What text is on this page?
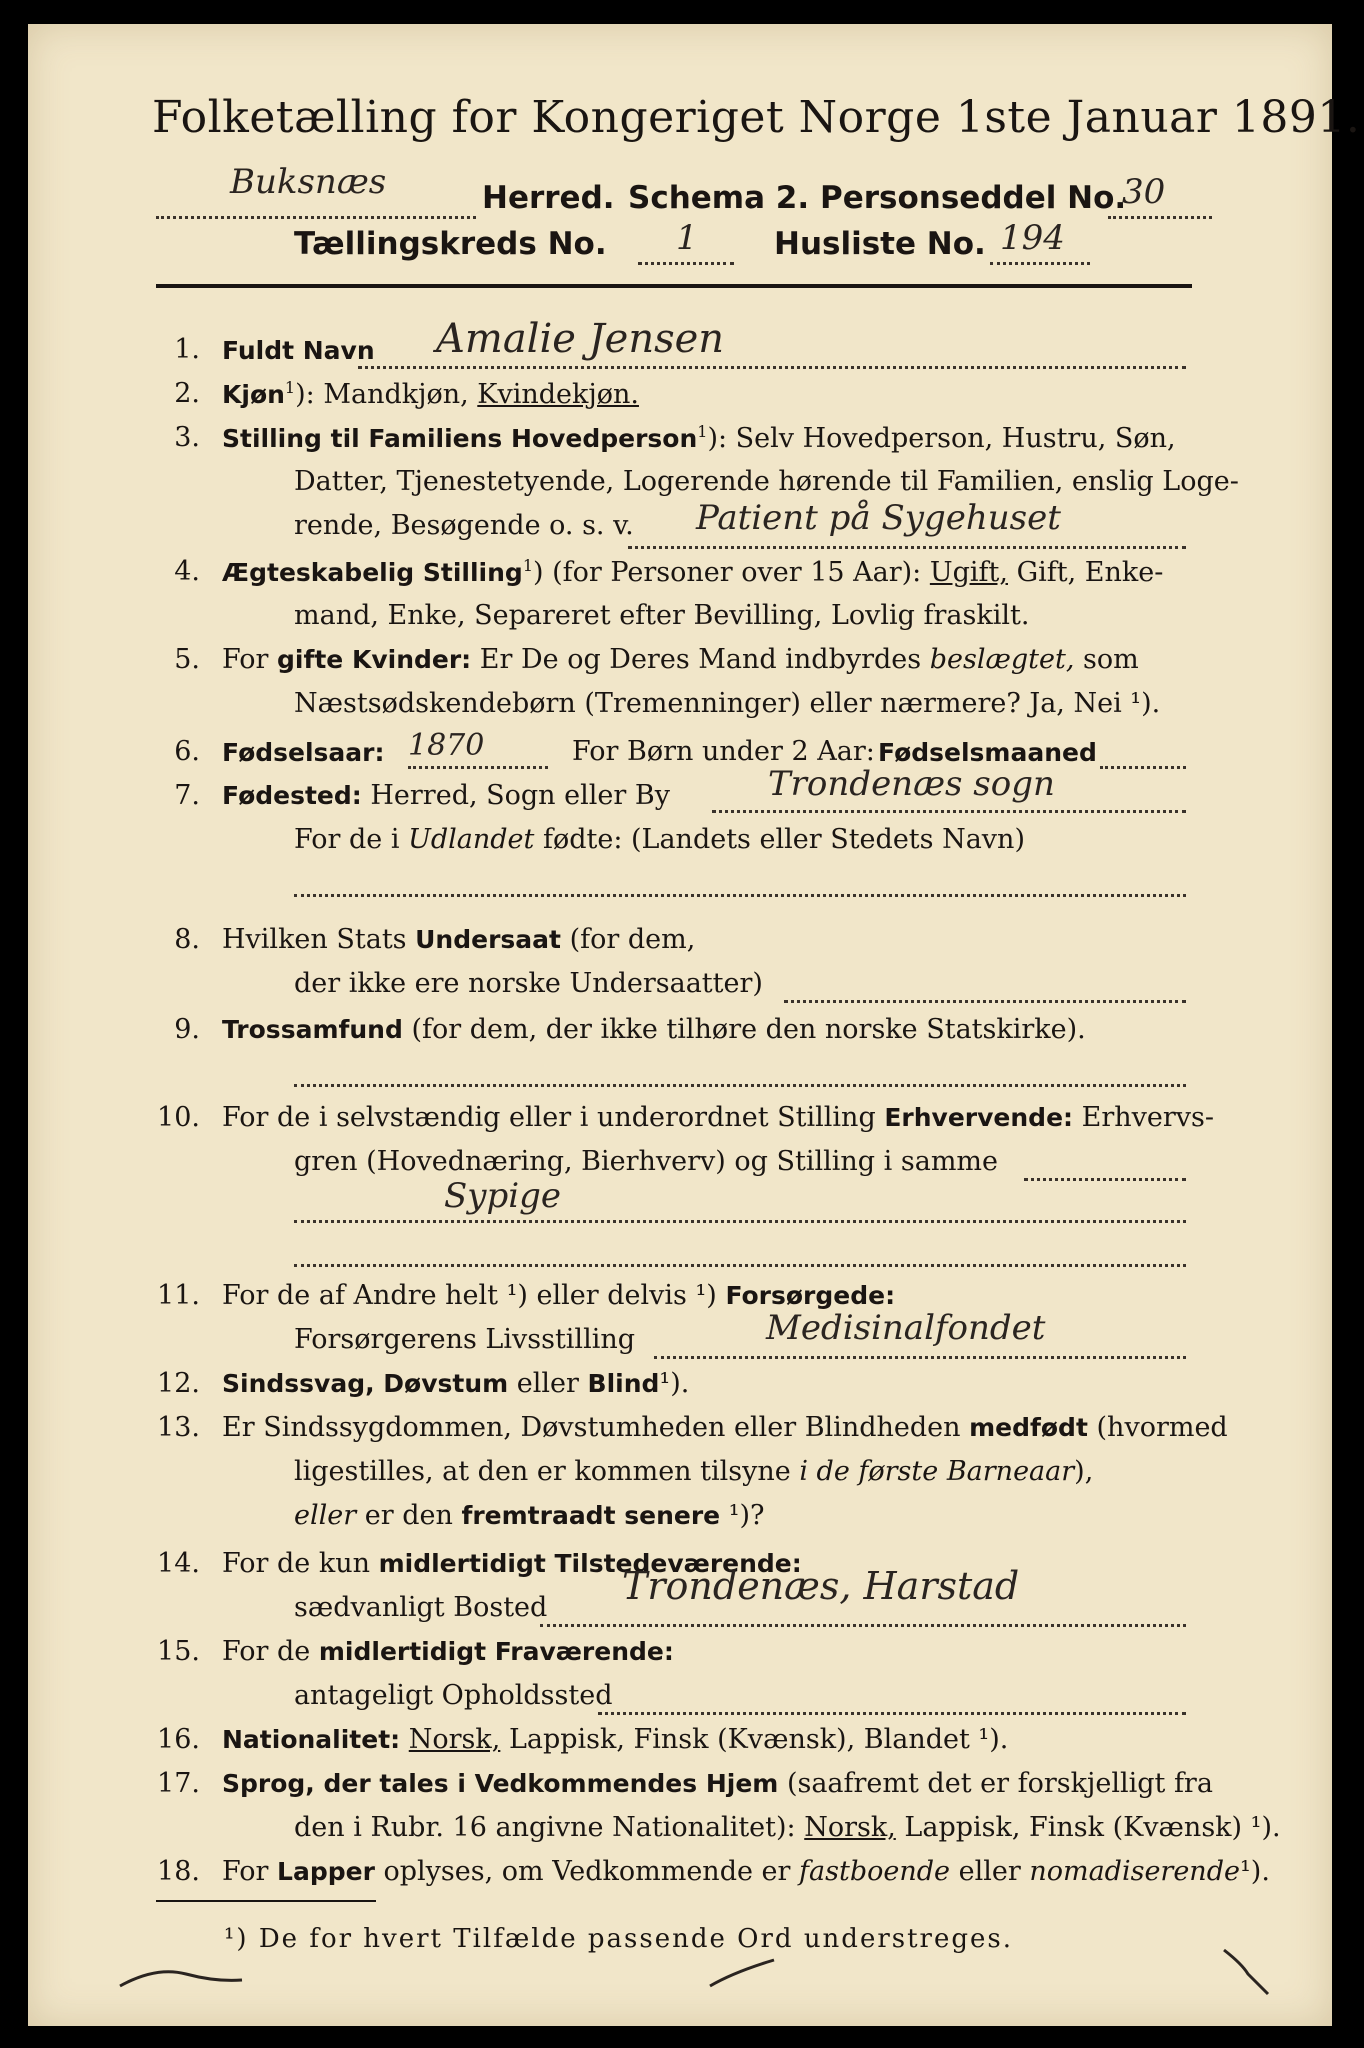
Folketælling for Kongeriget Norge 1ste Januar 1891.
Buksnæs	Herred. Schema 2. Personseddel No.
30
Tællingskreds No. 1 Husliste No. 194
1. Fuldt Navn Amalie Jensen
2. Kjøn$^1$): Mandkjøn, Kvindekjøn.
3. Stilling til Familiens Hovedperson$^1$): Selv Hovedperson, Hustru, Søn,
Datter, Tjenestetyende, Logerende hørende til Familien, enslig Loge-
rende, Besøgende o. s. v. Patient på Sygehuset
4. Ægteskabelig Stilling$^1$) (for Personer over 15 Aar): Ugift, Gift, Enke-
mand, Enke, Separeret efter Bevilling, Lovlig fraskilt.
5. For gifte Kvinder: Er De og Deres Mand indbyrdes beslægtet, som
Næstsødskendebørn (Tremenninger) eller nærmere? Ja, Nei ¹).
6. Fødselsaar: 1870	For Børn under 2 Aar: Fødselsmaaned
7. Fødested: Herred, Sogn eller By	Trondenæs sogn
For de i Udlandet fødte: (Landets eller Stedets Navn)
8. Hvilken Stats Undersaat (for dem,
der ikke ere norske Undersaatter)
9. Trossamfund (for dem, der ikke tilhøre den norske Statskirke).
10. For de i selvstændig eller i underordnet Stilling Erhvervende: Erhvervs-
gren (Hovednæring, Bierhverv) og Stilling i samme
Sypige
11. For de af Andre helt ¹) eller delvis ¹) Forsørgede:
Forsørgerens Livsstilling	Medisinalfondet
12. Sindssvag, Døvstum eller Blind¹).
13. Er Sindssygdommen, Døvstumheden eller Blindheden medfødt (hvormed
ligestilles, at den er kommen tilsyne i de første Barneaar),
eller er den fremtraadt senere ¹)?
14. For de kun midlertidigt Tilstedeværende:
sædvanligt Bosted Trondenæs, Harstad
15. For de midlertidigt Fraværende:
antageligt Opholdssted
16. Nationalitet: Norsk, Lappisk, Finsk (Kvænsk), Blandet ¹).
17. Sprog, der tales i Vedkommendes Hjem (saafremt det er forskjelligt fra
den i Rubr. 16 angivne Nationalitet): Norsk, Lappisk, Finsk (Kvænsk) ¹).
18. For Lapper oplyses, om Vedkommende er fastboende eller nomadiserende¹).
¹) De for hvert Tilfælde passende Ord understreges.
